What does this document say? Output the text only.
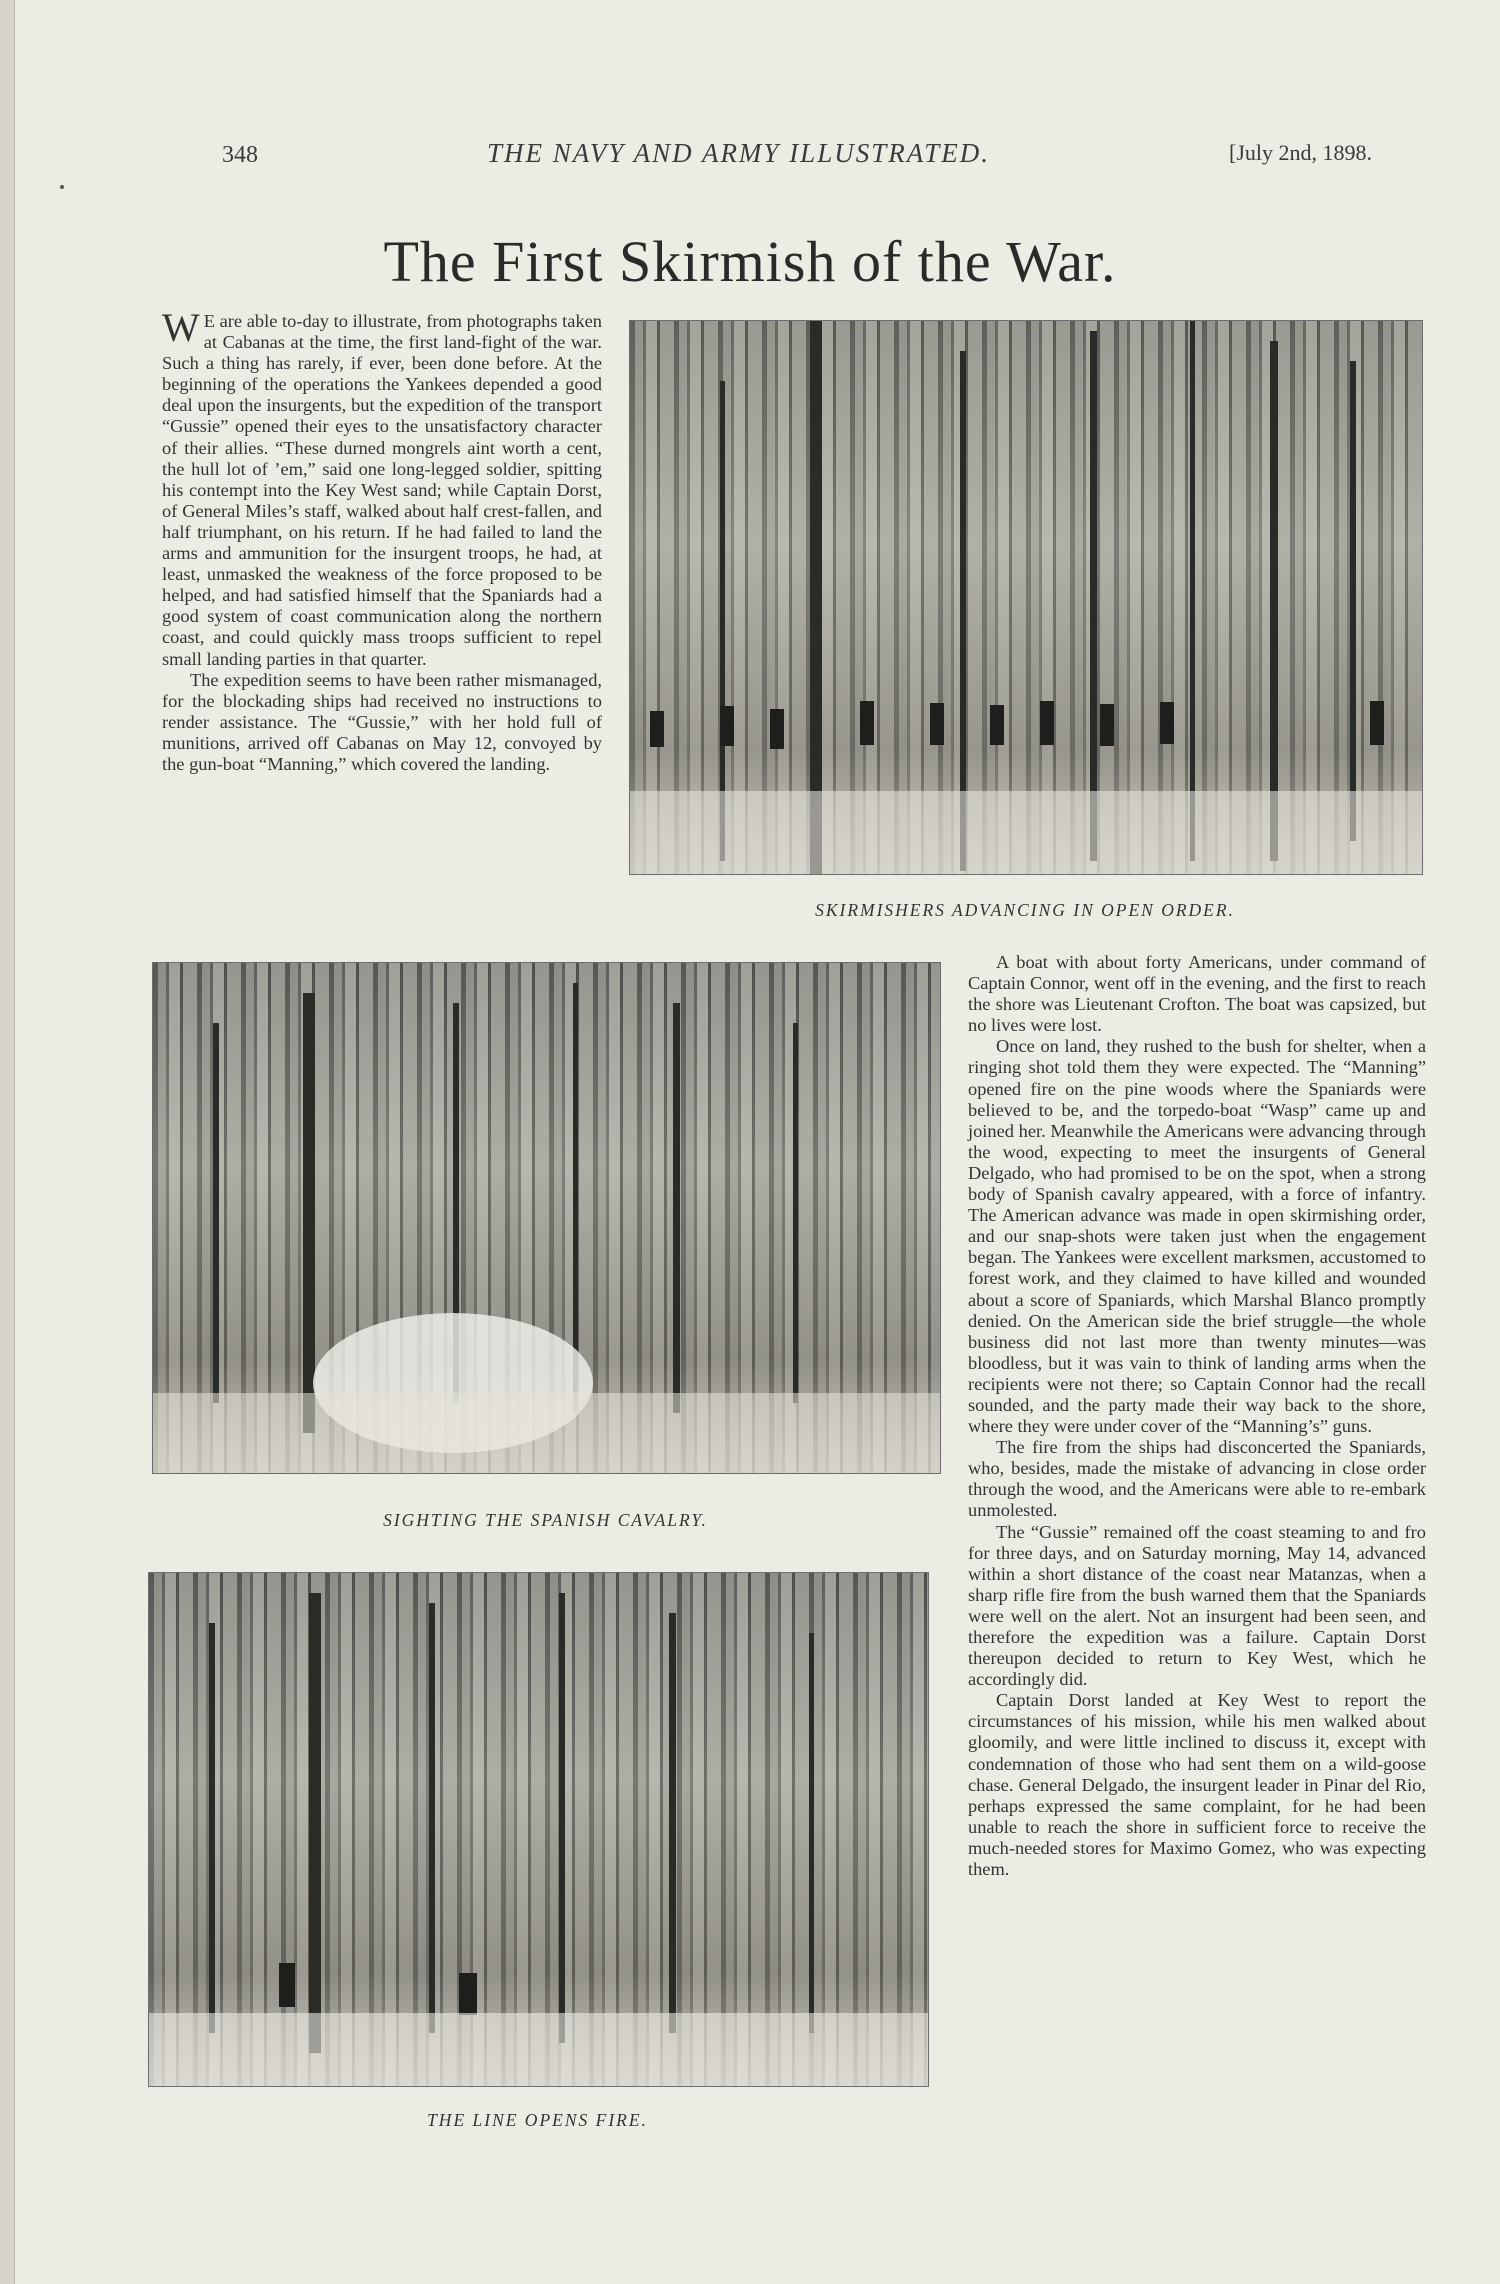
348	THE NAVY AND ARMY ILLUSTRATED.	[July 2nd, 1898.
The First Skirmish of the War.

W E are able to-day to illustrate, from photographs taken at Cabanas at the time, the first land-fight of the war. Such a thing has rarely, if ever, been done before. At the beginning of the operations the Yankees depended a good deal upon the insurgents, but the expedition of the transport “Gussie” opened their eyes to the unsatisfactory character of their allies. “These durned mongrels aint worth a cent, the hull lot of ’em,” said one long-legged soldier, spitting his contempt into the Key West sand; while Captain Dorst, of General Miles’s staff, walked about half crest-fallen, and half triumphant, on his return. If he had failed to land the arms and ammunition for the insurgent troops, he had, at least, unmasked the weakness of the force proposed to be helped, and had satisfied himself that the Spaniards had a good system of coast communication along the northern coast, and could quickly mass troops sufficient to repel small landing parties in that quarter.

The expedition seems to have been rather mismanaged, for the blockading ships had received no instructions to render assistance. The “Gussie,” with her hold full of munitions, arrived off Cabanas on May 12, convoyed by the gun-boat “Manning,” which covered the landing.

SKIRMISHERS ADVANCING IN OPEN ORDER.
SIGHTING THE SPANISH CAVALRY.
THE LINE OPENS FIRE.

A boat with about forty Americans, under command of Captain Connor, went off in the evening, and the first to reach the shore was Lieutenant Crofton. The boat was capsized, but no lives were lost.

Once on land, they rushed to the bush for shelter, when a ringing shot told them they were expected. The “Manning” opened fire on the pine woods where the Spaniards were believed to be, and the torpedo-boat “Wasp” came up and joined her. Meanwhile the Americans were advancing through the wood, expecting to meet the insurgents of General Delgado, who had promised to be on the spot, when a strong body of Spanish cavalry appeared, with a force of infantry. The American advance was made in open skirmishing order, and our snap-shots were taken just when the engagement began. The Yankees were excellent marksmen, accustomed to forest work, and they claimed to have killed and wounded about a score of Spaniards, which Marshal Blanco promptly denied. On the American side the brief struggle—the whole business did not last more than twenty minutes—was bloodless, but it was vain to think of landing arms when the recipients were not there; so Captain Connor had the recall sounded, and the party made their way back to the shore, where they were under cover of the “Manning’s” guns.

The fire from the ships had disconcerted the Spaniards, who, besides, made the mistake of advancing in close order through the wood, and the Americans were able to re-embark unmolested.

The “Gussie” remained off the coast steaming to and fro for three days, and on Saturday morning, May 14, advanced within a short distance of the coast near Matanzas, when a sharp rifle fire from the bush warned them that the Spaniards were well on the alert. Not an insurgent had been seen, and therefore the expedition was a failure. Captain Dorst thereupon decided to return to Key West, which he accordingly did.

Captain Dorst landed at Key West to report the circumstances of his mission, while his men walked about gloomily, and were little inclined to discuss it, except with condemnation of those who had sent them on a wild-goose chase. General Delgado, the insurgent leader in Pinar del Rio, perhaps expressed the same complaint, for he had been unable to reach the shore in sufficient force to receive the much-needed stores for Maximo Gomez, who was expecting them.
